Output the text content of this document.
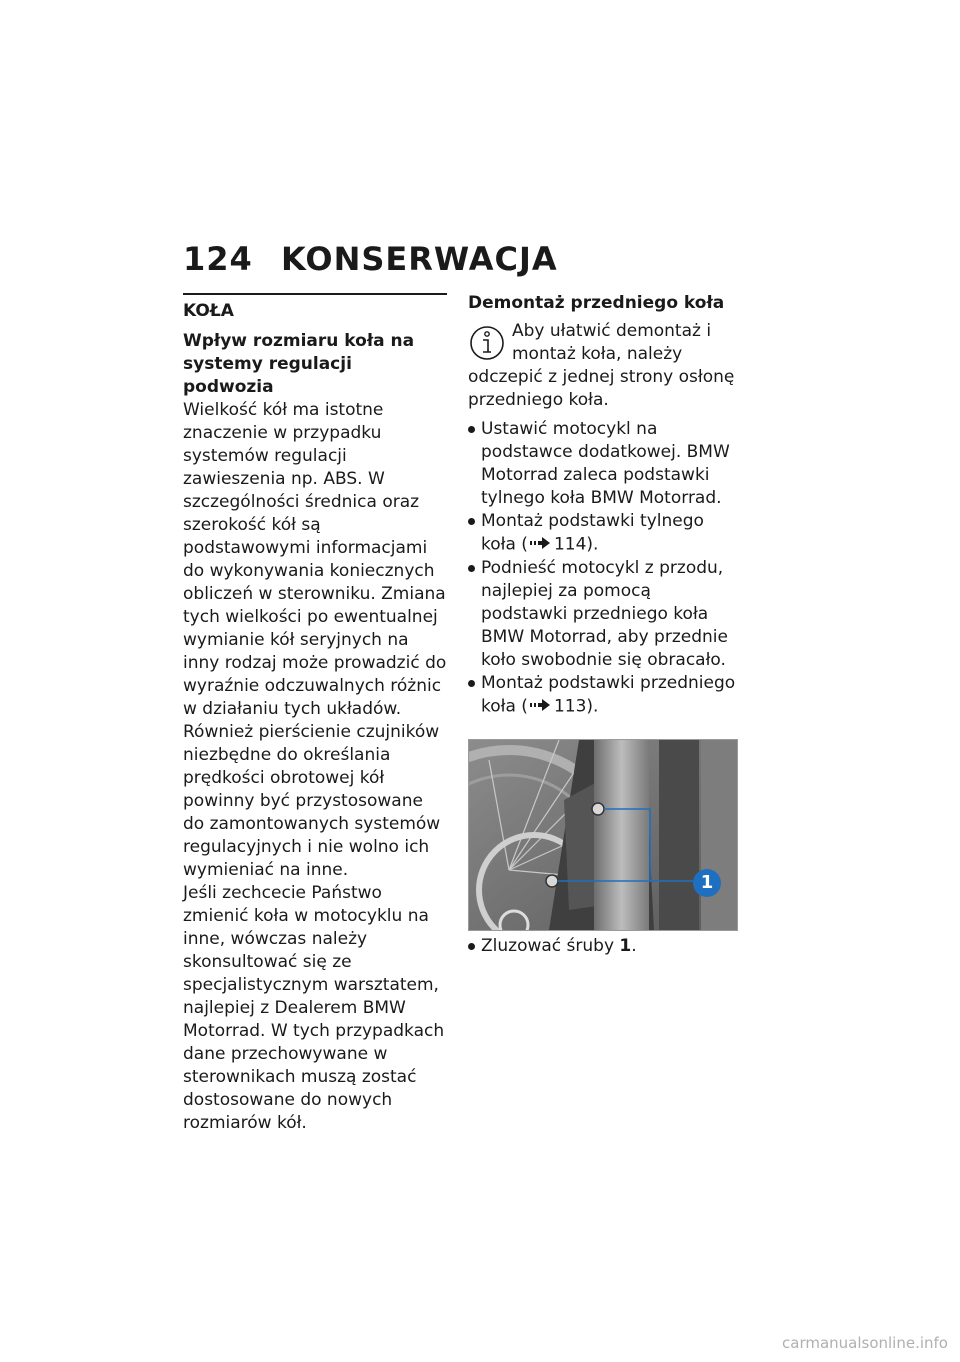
124 KONSERWACJA
KOŁA
Wpływ rozmiaru koła na systemy regulacji podwozia

Wielkość kół ma istotne znaczenie w przypadku systemów regulacji zawieszenia np. ABS. W szczególności średnica oraz szerokość kół są podstawowymi informacjami do wykonywania koniecznych obliczeń w sterowniku. Zmiana tych wielkości po ewentualnej wymianie kół seryjnych na inny rodzaj może prowadzić do wyraźnie odczuwalnych różnic w działaniu tych układów.

Również pierścienie czujników niezbędne do określania prędkości obrotowej kół powinny być przystosowane do zamontowanych systemów regulacyjnych i nie wolno ich wymieniać na inne.

Jeśli zechcecie Państwo zmienić koła w motocyklu na inne, wówczas należy skonsultować się ze specjalistycznym warsztatem, najlepiej z Dealerem BMW Motorrad. W tych przypadkach dane przechowywane w sterownikach muszą zostać dostosowane do nowych rozmiarów kół.

Demontaż przedniego koła
Aby ułatwić demontaż i montaż koła, należy odczepić z jednej strony osłonę przedniego koła.
Ustawić motocykl na podstawce dodatkowej. BMW Motorrad zaleca podstawki tylnego koła BMW Motorrad.
Montaż podstawki tylnego koła ( 114).
Podnieść motocykl z przodu, najlepiej za pomocą podstawki przedniego koła BMW Motorrad, aby przednie koło swobodnie się obracało.
Montaż podstawki przedniego koła ( 113).
1
Zluzować śruby 1.
carmanualsonline.info
